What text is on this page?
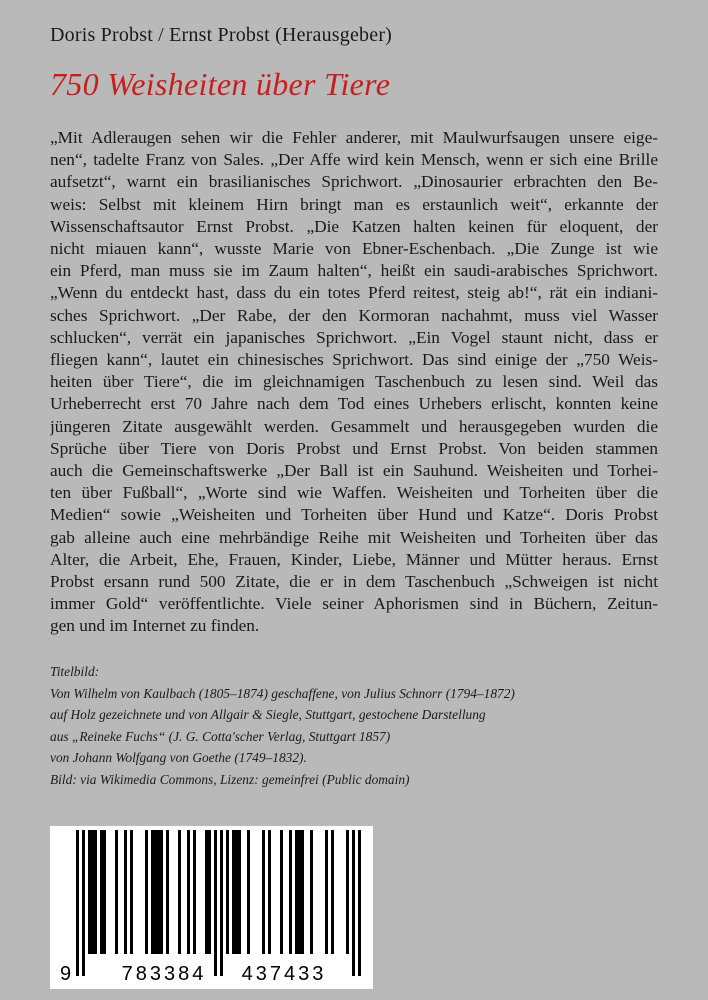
Doris Probst / Ernst Probst (Herausgeber)
750 Weisheiten über Tiere
„Mit Adleraugen sehen wir die Fehler anderer, mit Maulwurfsaugen unsere eige-
nen“, tadelte Franz von Sales. „Der Affe wird kein Mensch, wenn er sich eine Brille
aufsetzt“, warnt ein brasilianisches Sprichwort. „Dinosaurier erbrachten den Be-
weis: Selbst mit kleinem Hirn bringt man es erstaunlich weit“, erkannte der
Wissenschaftsautor Ernst Probst. „Die Katzen halten keinen für eloquent, der
nicht miauen kann“, wusste Marie von Ebner-Eschenbach. „Die Zunge ist wie
ein Pferd, man muss sie im Zaum halten“, heißt ein saudi-arabisches Sprichwort.
„Wenn du entdeckt hast, dass du ein totes Pferd reitest, steig ab!“, rät ein indiani-
sches Sprichwort. „Der Rabe, der den Kormoran nachahmt, muss viel Wasser
schlucken“, verrät ein japanisches Sprichwort. „Ein Vogel staunt nicht, dass er
fliegen kann“, lautet ein chinesisches Sprichwort. Das sind einige der „750 Weis-
heiten über Tiere“, die im gleichnamigen Taschenbuch zu lesen sind. Weil das
Urheberrecht erst 70 Jahre nach dem Tod eines Urhebers erlischt, konnten keine
jüngeren Zitate ausgewählt werden. Gesammelt und herausgegeben wurden die
Sprüche über Tiere von Doris Probst und Ernst Probst. Von beiden stammen
auch die Gemeinschaftswerke „Der Ball ist ein Sauhund. Weisheiten und Torhei-
ten über Fußball“, „Worte sind wie Waffen. Weisheiten und Torheiten über die
Medien“ sowie „Weisheiten und Torheiten über Hund und Katze“. Doris Probst
gab alleine auch eine mehrbändige Reihe mit Weisheiten und Torheiten über das
Alter, die Arbeit, Ehe, Frauen, Kinder, Liebe, Männer und Mütter heraus. Ernst
Probst ersann rund 500 Zitate, die er in dem Taschenbuch „Schweigen ist nicht
immer Gold“ veröffentlichte. Viele seiner Aphorismen sind in Büchern, Zeitun-
gen und im Internet zu finden.
Titelbild:
Von Wilhelm von Kaulbach (1805–1874) geschaffene, von Julius Schnorr (1794–1872)
auf Holz gezeichnete und von Allgair & Siegle, Stuttgart, gestochene Darstellung
aus „Reineke Fuchs“ (J. G. Cotta'scher Verlag, Stuttgart 1857)
von Johann Wolfgang von Goethe (1749–1832).
Bild: via Wikimedia Commons, Lizenz: gemeinfrei (Public domain)
9	783384 437433
